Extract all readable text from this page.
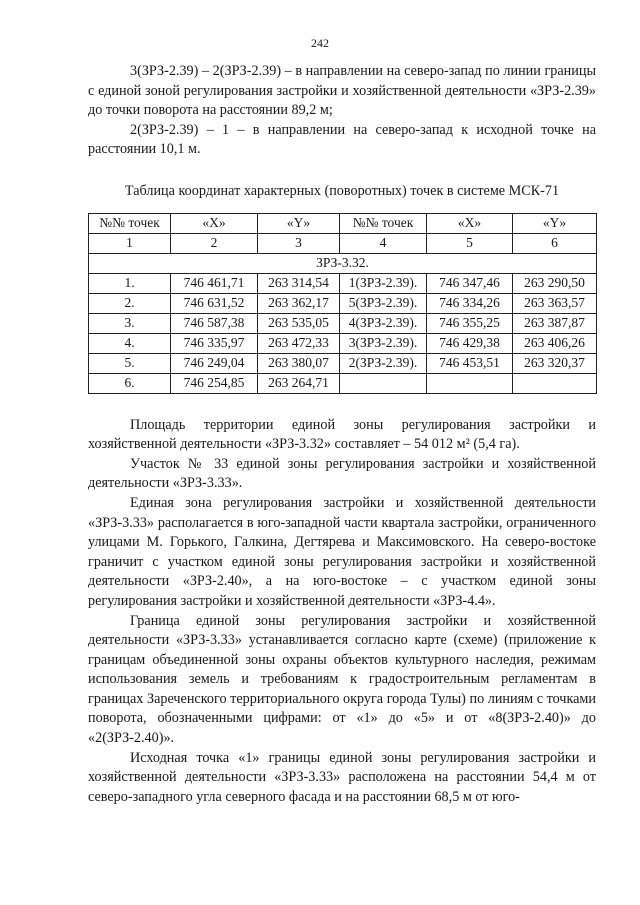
242

3(ЗРЗ-2.39) – 2(ЗРЗ-2.39) – в направлении на северо-запад по линии границы с единой зоной регулирования застройки и хозяйственной деятельности «ЗРЗ-2.39» до точки поворота на расстоянии 89,2 м;

2(ЗРЗ-2.39) – 1 – в направлении на северо-запад к исходной точке на расстоянии 10,1 м.

Таблица координат характерных (поворотных) точек в системе МСК-71

№№ точек	«X»	«Y»	№№ точек	«X»	«Y»
1	2	3	4	5	6
ЗРЗ-3.32.					
1.	746 461,71	263 314,54	1(ЗРЗ-2.39).	746 347,46	263 290,50
2.	746 631,52	263 362,17	5(ЗРЗ-2.39).	746 334,26	263 363,57
3.	746 587,38	263 535,05	4(ЗРЗ-2.39).	746 355,25	263 387,87
4.	746 335,97	263 472,33	3(ЗРЗ-2.39).	746 429,38	263 406,26
5.	746 249,04	263 380,07	2(ЗРЗ-2.39).	746 453,51	263 320,37
6.	746 254,85	263 264,71			

Площадь территории единой зоны регулирования застройки и хозяйственной деятельности «ЗРЗ-3.32» составляет – 54 012 м² (5,4 га).

Участок № 33 единой зоны регулирования застройки и хозяйственной деятельности «ЗРЗ-3.33».

Единая зона регулирования застройки и хозяйственной деятельности «ЗРЗ-3.33» располагается в юго-западной части квартала застройки, ограниченного улицами М. Горького, Галкина, Дегтярева и Максимовского. На северо-востоке граничит с участком единой зоны регулирования застройки и хозяйственной деятельности «ЗРЗ-2.40», а на юго-востоке – с участком единой зоны регулирования застройки и хозяйственной деятельности «ЗРЗ-4.4».

Граница единой зоны регулирования застройки и хозяйственной деятельности «ЗРЗ-3.33» устанавливается согласно карте (схеме) (приложение к границам объединенной зоны охраны объектов культурного наследия, режимам использования земель и требованиям к градостроительным регламентам в границах Зареченского территориального округа города Тулы) по линиям с точками поворота, обозначенными цифрами: от «1» до «5» и от «8(ЗРЗ-2.40)» до «2(ЗРЗ-2.40)».

Исходная точка «1» границы единой зоны регулирования застройки и хозяйственной деятельности «ЗРЗ-3.33» расположена на расстоянии 54,4 м от северо-западного угла северного фасада и на расстоянии 68,5 м от юго-
